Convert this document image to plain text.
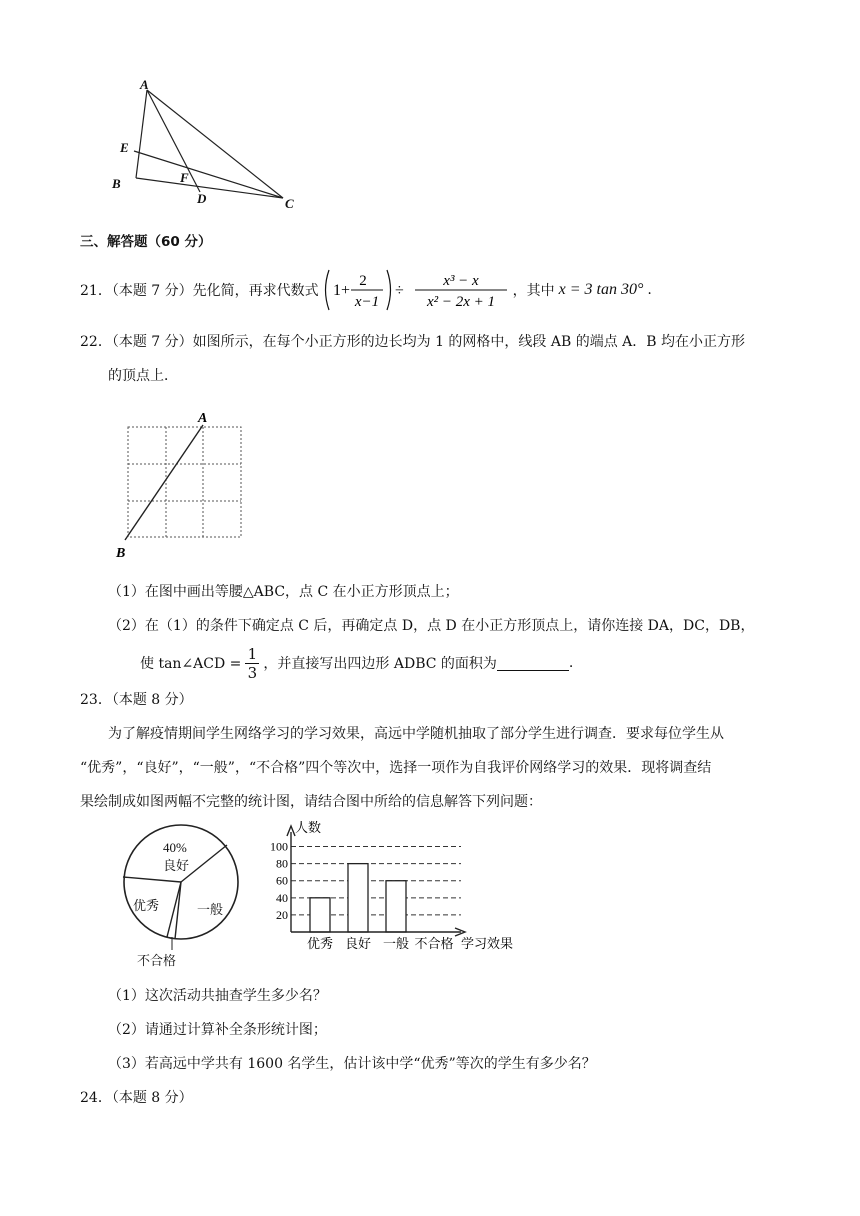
A
E
B	F
D	C
三、解答题（60 分）
21．（本题 7 分）先化简，再求代数式 1+
2
x−1
÷
x³ − x
x² − 2x + 1
，其中 x = 3 tan 30° .
22．（本题 7 分）如图所示，在每个小正方形的边长均为 1 的网格中，线段 AB 的端点 A．B 均在小正方形
的顶点上．
A
B
（1）在图中画出等腰△ABC，点 C 在小正方形顶点上；
（2）在（1）的条件下确定点 C 后，再确定点 D，点 D 在小正方形顶点上，请你连接 DA，DC，DB，
使 tan∠ACD = $\frac{1}{3}$ ，并直接写出四边形 ADBC 的面积为	.
23．（本题 8 分）
为了解疫情期间学生网络学习的学习效果，高远中学随机抽取了部分学生进行调查．要求每位学生从
“优秀”，“良好”，“一般”，“不合格”四个等次中，选择一项作为自我评价网络学习的效果．现将调查结
果绘制成如图两幅不完整的统计图，请结合图中所给的信息解答下列问题：
40%
良好
一般
优秀
不合格
20
40
60
80
100
优秀 良好 一般 不合格
人数
学习效果
（1）这次活动共抽查学生多少名？
（2）请通过计算补全条形统计图；
（3）若高远中学共有 1600 名学生，估计该中学“优秀”等次的学生有多少名？
24．（本题 8 分）
